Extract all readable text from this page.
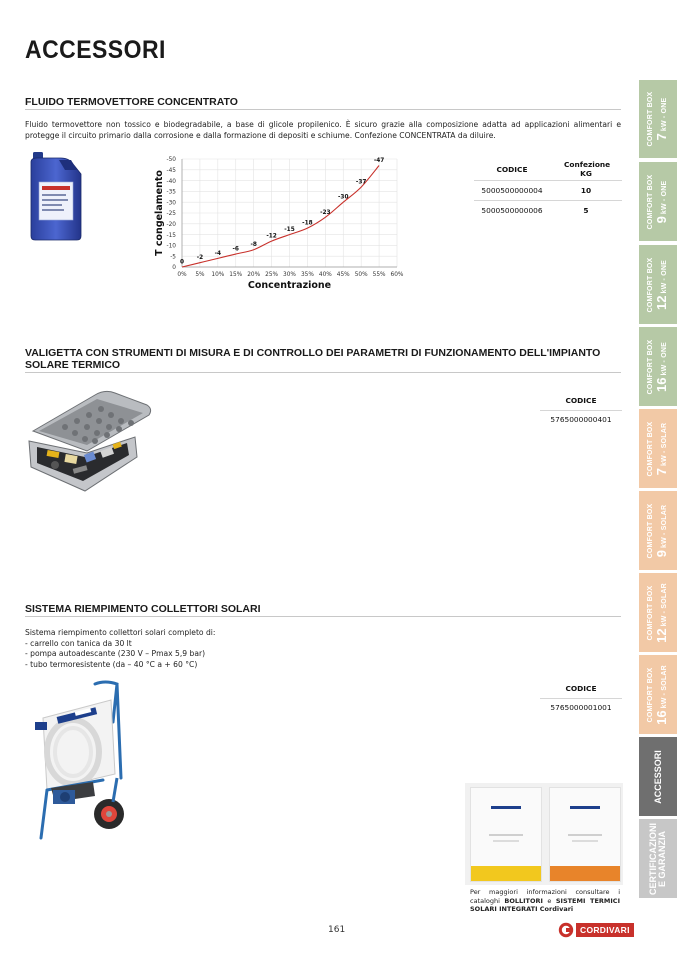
ACCESSORI
FLUIDO TERMOVETTORE CONCENTRATO
Fluido termovettore non tossico e biodegradabile, a base di glicole propilenico. È sicuro grazie alla composizione adatta ad applicazioni alimentari e protegge il circuito primario dalla corrosione e dalla formazione di depositi e schiume. Confezione CONCENTRATA da diluire.
0
-5
-10
-15
-20
-25
-30
-35
-40
-45
-50
0% 5% 10% 15% 20% 25% 30% 35% 40% 45% 50% 55% 60%
0
-2
-4
-6
-8
-12
-15
-18
-23
-30
-37
-47
Concentrazione
T congelamento
CODICE	Confezione KG
5000500000004	10
5000500000006	5
VALIGETTA CON STRUMENTI DI MISURA E DI CONTROLLO DEI PARAMETRI DI FUNZIONAMENTO DELL'IMPIANTO SOLARE TERMICO
CODICE
5765000000401
SISTEMA RIEMPIMENTO COLLETTORI SOLARI
Sistema riempimento collettori solari completo di:
- carrello con tanica da 30 lt
- pompa autoadescante (230 V – Pmax 5,9 bar)
- tubo termoresistente (da – 40 °C a + 60 °C)
CODICE
5765000001001
Per maggiori informazioni consultare i cataloghi BOLLITORI e SISTEMI TERMICI SOLARI INTEGRATI Cordivari
161	CORDIVARI
COMFORT BOX 7kW - ONE
COMFORT BOX 9kW - ONE
COMFORT BOX 12kW - ONE
COMFORT BOX 16kW - ONE
COMFORT BOX 7kW - SOLAR
COMFORT BOX 9kW - SOLAR
COMFORT BOX 12kW - SOLAR
COMFORT BOX 16kW - SOLAR
ACCESSORI
CERTIFICAZIONI E GARANZIA
